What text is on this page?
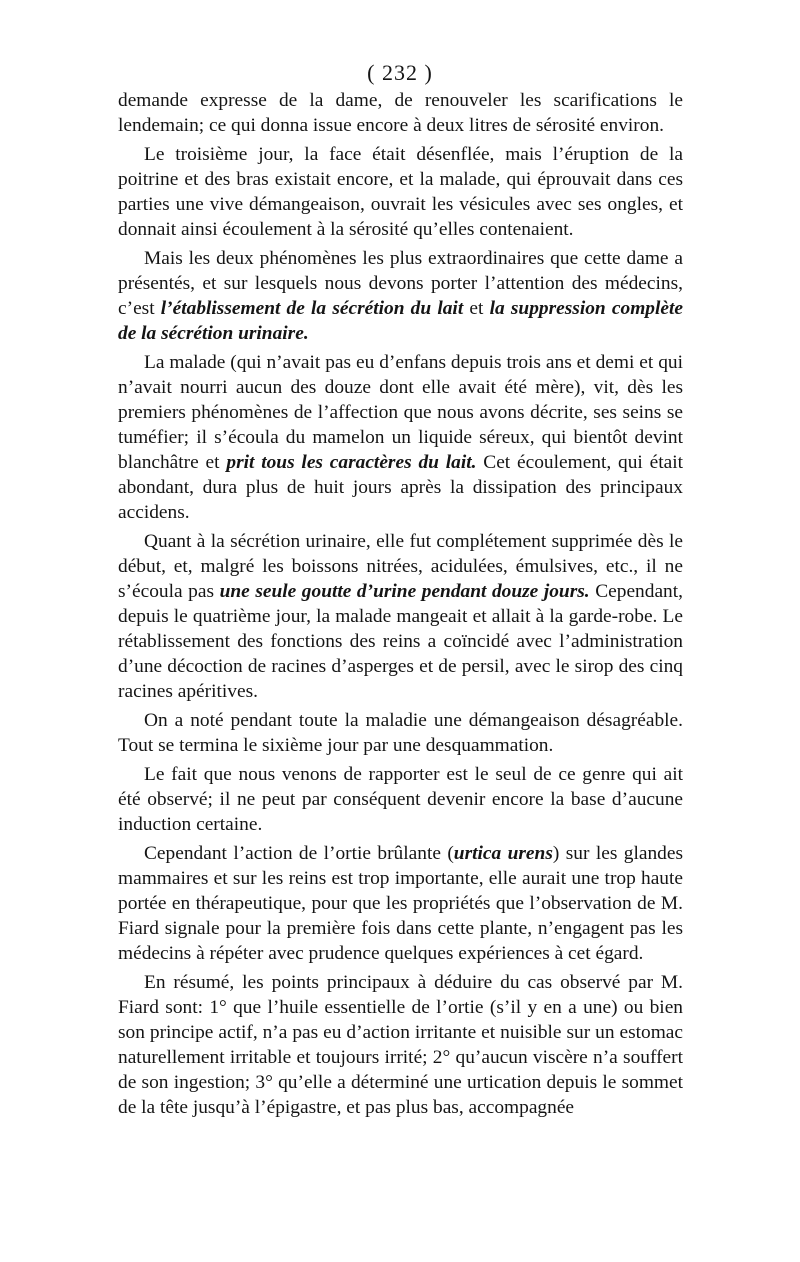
( 232 )

demande expresse de la dame, de renouveler les scarifications le lendemain; ce qui donna issue encore à deux litres de sérosité environ.

Le troisième jour, la face était désenflée, mais l’éruption de la poitrine et des bras existait encore, et la malade, qui éprouvait dans ces parties une vive démangeaison, ouvrait les vésicules avec ses ongles, et donnait ainsi écoulement à la sérosité qu’elles contenaient.

Mais les deux phénomènes les plus extraordinaires que cette dame a présentés, et sur lesquels nous devons porter l’attention des médecins, c’est l’établissement de la sécrétion du lait et la suppression complète de la sécrétion urinaire.

La malade (qui n’avait pas eu d’enfans depuis trois ans et demi et qui n’avait nourri aucun des douze dont elle avait été mère), vit, dès les premiers phénomènes de l’affection que nous avons décrite, ses seins se tuméfier; il s’écoula du mamelon un liquide séreux, qui bientôt devint blanchâtre et prit tous les caractères du lait. Cet écoulement, qui était abondant, dura plus de huit jours après la dissipation des principaux accidens.

Quant à la sécrétion urinaire, elle fut complétement supprimée dès le début, et, malgré les boissons nitrées, acidulées, émulsives, etc., il ne s’écoula pas une seule goutte d’urine pendant douze jours. Cependant, depuis le quatrième jour, la malade mangeait et allait à la garde-robe. Le rétablissement des fonctions des reins a coïncidé avec l’administration d’une décoction de racines d’asperges et de persil, avec le sirop des cinq racines apéritives.

On a noté pendant toute la maladie une démangeaison désagréable. Tout se termina le sixième jour par une desquammation.

Le fait que nous venons de rapporter est le seul de ce genre qui ait été observé; il ne peut par conséquent devenir encore la base d’aucune induction certaine.

Cependant l’action de l’ortie brûlante (urtica urens) sur les glandes mammaires et sur les reins est trop importante, elle aurait une trop haute portée en thérapeutique, pour que les propriétés que l’observation de M. Fiard signale pour la première fois dans cette plante, n’engagent pas les médecins à répéter avec prudence quelques expériences à cet égard.

En résumé, les points principaux à déduire du cas observé par M. Fiard sont: 1° que l’huile essentielle de l’ortie (s’il y en a une) ou bien son principe actif, n’a pas eu d’action irritante et nuisible sur un estomac naturellement irritable et toujours irrité; 2° qu’aucun viscère n’a souffert de son ingestion; 3° qu’elle a déterminé une urtication depuis le sommet de la tête jusqu’à l’épigastre, et pas plus bas, accompagnée
